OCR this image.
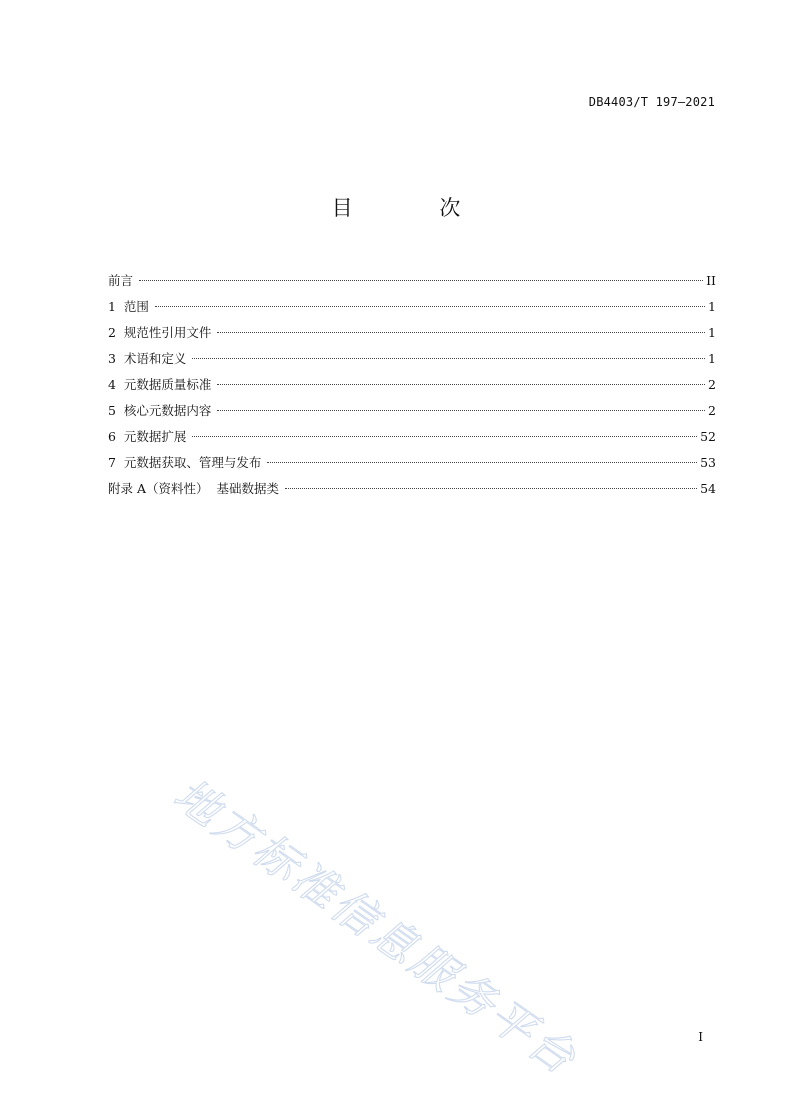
DB4403/T 197—2021
目 次
前言	II
1  范围	1
2  规范性引用文件	1
3  术语和定义	1
4  元数据质量标准	2
5  核心元数据内容	2
6  元数据扩展	52
7  元数据获取、管理与发布	53
附录 A（资料性）  基础数据类	54
地方标准信息服务平台	I
